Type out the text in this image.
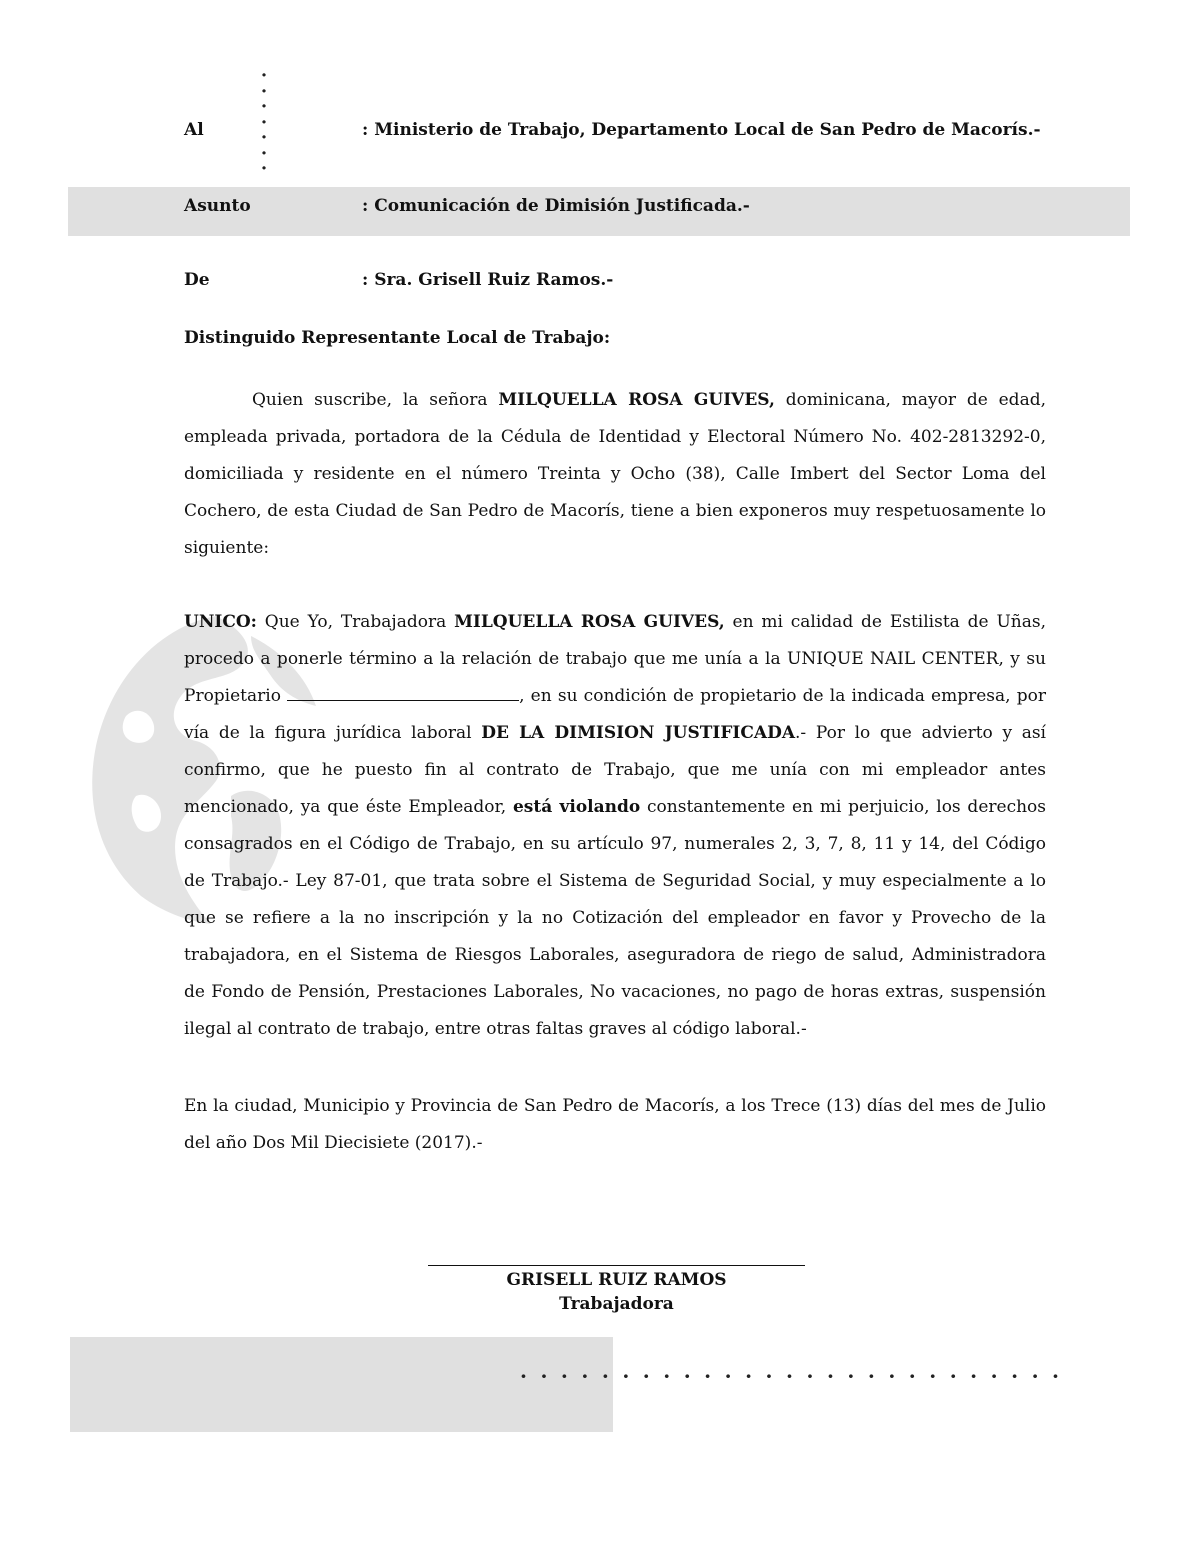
·
·
·
·
·
·
·
Al	: Ministerio de Trabajo, Departamento Local de San Pedro de Macorís.-
Asunto	: Comunicación de Dimisión Justificada.-
De	: Sra. Grisell Ruiz Ramos.-
Distinguido Representante Local de Trabajo:
Quien suscribe, la señora MILQUELLA ROSA GUIVES, dominicana, mayor de edad, empleada privada, portadora de la Cédula de Identidad y Electoral Número No. 402-2813292-0, domiciliada y residente en el número Treinta y Ocho (38), Calle Imbert del Sector Loma del Cochero, de esta Ciudad de San Pedro de Macorís, tiene a bien exponeros muy respetuosamente lo siguiente:
UNICO: Que Yo, Trabajadora MILQUELLA ROSA GUIVES, en mi calidad de Estilista de Uñas, procedo a ponerle término a la relación de trabajo que me unía a la UNIQUE NAIL CENTER, y su Propietario	, en su condición de propietario de la indicada empresa, por vía de la figura jurídica laboral DE LA DIMISION JUSTIFICADA.- Por lo que advierto y así confirmo, que he puesto fin al contrato de Trabajo, que me unía con mi empleador antes mencionado, ya que éste Empleador, está violando constantemente en mi perjuicio, los derechos consagrados en el Código de Trabajo, en su artículo 97, numerales 2, 3, 7, 8, 11 y 14, del Código de Trabajo.- Ley 87-01, que trata sobre el Sistema de Seguridad Social, y muy especialmente a lo que se refiere a la no inscripción y la no Cotización del empleador en favor y Provecho de la trabajadora, en el Sistema de Riesgos Laborales, aseguradora de riego de salud, Administradora de Fondo de Pensión, Prestaciones Laborales, No vacaciones, no pago de horas extras, suspensión ilegal al contrato de trabajo, entre otras faltas graves al código laboral.-
En la ciudad, Municipio y Provincia de San Pedro de Macorís, a los Trece (13) días del mes de Julio del año Dos Mil Diecisiete (2017).-
GRISELL RUIZ RAMOS
Trabajadora
···························
